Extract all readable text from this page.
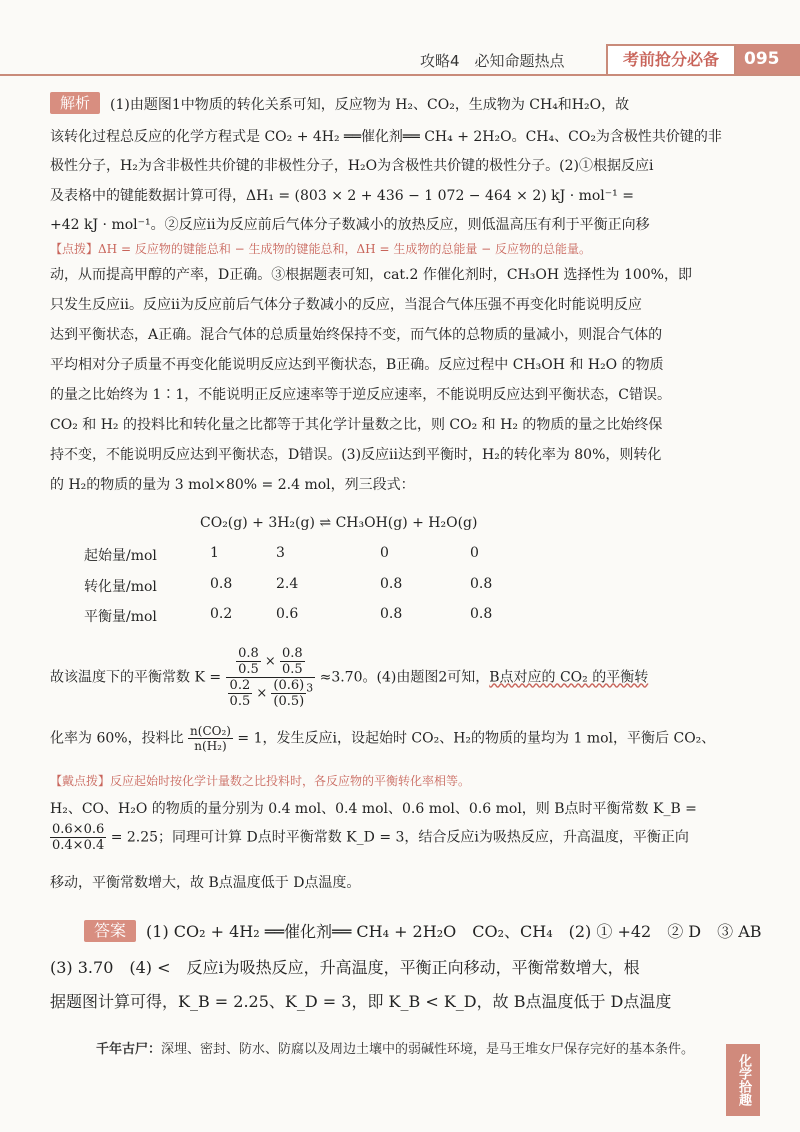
攻略4　必知命题热点	考前抢分必备	095
解析 (1)由题图1中物质的转化关系可知，反应物为 H₂、CO₂，生成物为 CH₄和H₂O，故
该转化过程总反应的化学方程式是 CO₂ + 4H₂ ══催化剂══ CH₄ + 2H₂O。CH₄、CO₂为含极性共价键的非
极性分子，H₂为含非极性共价键的非极性分子，H₂O为含极性共价键的极性分子。(2)①根据反应ⅰ
及表格中的键能数据计算可得，ΔH₁ = (803 × 2 + 436 − 1 072 − 464 × 2) kJ · mol⁻¹ =
+42 kJ · mol⁻¹。②反应ⅱ为反应前后气体分子数减小的放热反应，则低温高压有利于平衡正向移
【点拨】ΔH = 反应物的键能总和 − 生成物的键能总和，ΔH = 生成物的总能量 − 反应物的总能量。
动，从而提高甲醇的产率，D正确。③根据题表可知，cat.2 作催化剂时，CH₃OH 选择性为 100%，即
只发生反应ⅱ。反应ⅱ为反应前后气体分子数减小的反应，当混合气体压强不再变化时能说明反应
达到平衡状态，A正确。混合气体的总质量始终保持不变，而气体的总物质的量减小，则混合气体的
平均相对分子质量不再变化能说明反应达到平衡状态，B正确。反应过程中 CH₃OH 和 H₂O 的物质
的量之比始终为 1∶1，不能说明正反应速率等于逆反应速率，不能说明反应达到平衡状态，C错误。
CO₂ 和 H₂ 的投料比和转化量之比都等于其化学计量数之比，则 CO₂ 和 H₂ 的物质的量之比始终保
持不变，不能说明反应达到平衡状态，D错误。(3)反应ⅱ达到平衡时，H₂的转化率为 80%，则转化
的 H₂的物质的量为 3 mol×80% = 2.4 mol，列三段式：
CO₂(g) + 3H₂(g) ⇌ CH₃OH(g) + H₂O(g)
起始量/mol	1	3	0	0
转化量/mol	0.8	2.4	0.8	0.8
平衡量/mol	0.2	0.6	0.8	0.8
故该温度下的平衡常数 $K = \frac{\frac{0.8}{0.5} \times \frac{0.8}{0.5}}{\frac{0.2}{0.5} \times \frac{(0.6)}{(0.5)} ^3} \approx 3.70$。(4)由题图2可知，B点对应的 CO₂ 的平衡转
化率为 60%，投料比 $\frac{\text{n(CO₂)}}{\text{n(H₂)}} = 1$，发生反应ⅰ，设起始时 CO₂、H₂的物质的量均为 1 mol，平衡后 CO₂、
【戴点拨】反应起始时按化学计量数之比投料时，各反应物的平衡转化率相等。
H₂、CO、H₂O 的物质的量分别为 0.4 mol、0.4 mol、0.6 mol、0.6 mol，则 B点时平衡常数 K_B =
$\frac{0.6\times 0.6}{0.4\times 0.4} = 2.25$；同理可计算 D点时平衡常数 K_D = 3，结合反应ⅰ为吸热反应，升高温度，平衡正向
移动，平衡常数增大，故 B点温度低于 D点温度。
答案 (1) CO₂ + 4H₂ ══催化剂══ CH₄ + 2H₂O　CO₂、CH₄　(2) ① +42　② D　③ AB
(3) 3.70　(4) <　反应ⅰ为吸热反应，升高温度，平衡正向移动，平衡常数增大，根
据题图计算可得，K_B = 2.25、K_D = 3，即 K_B < K_D，故 B点温度低于 D点温度
千年古尸：深埋、密封、防水、防腐以及周边土壤中的弱碱性环境，是马王堆女尸保存完好的基本条件。
化学拾趣
